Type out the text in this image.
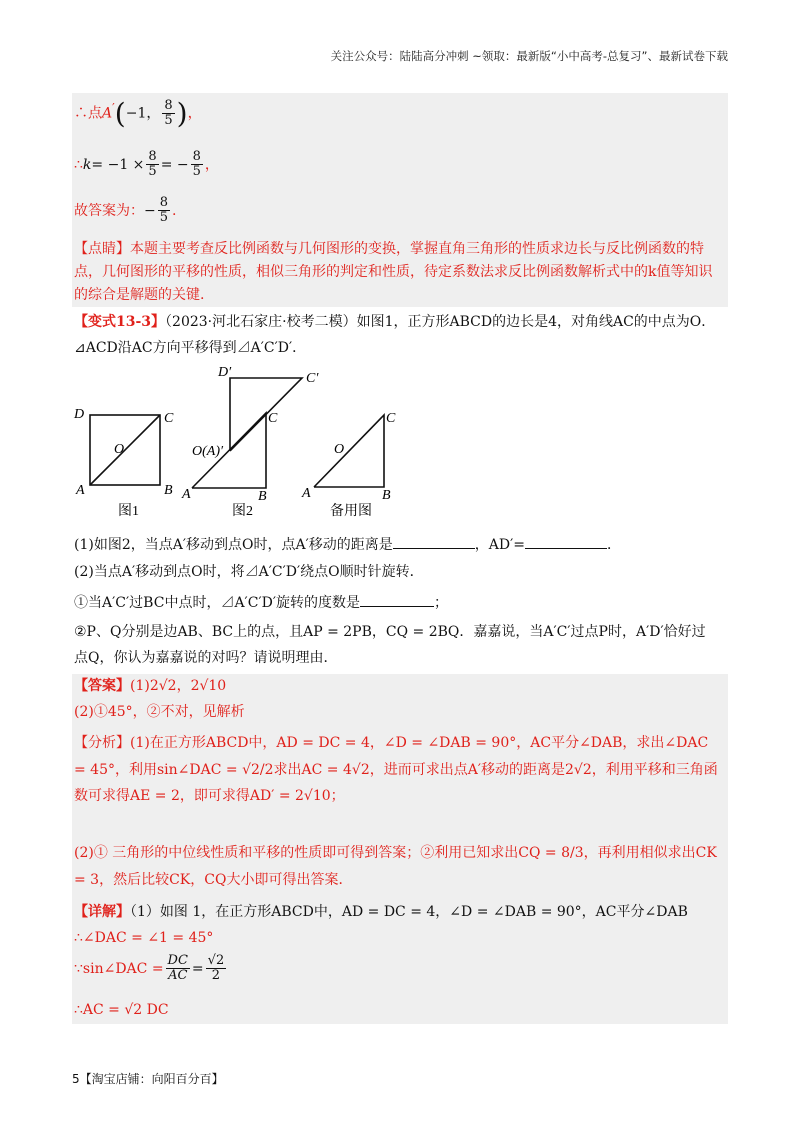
关注公众号：陆陆高分冲刺 ~领取：最新版“小中高考-总复习”、最新试卷下载
∴点A′(−1， $\frac{8}{5}$ )，
∴k= $-1 \times \frac{8}{5}$ = − $\frac{8}{5}$ ，
故答案为：− $\frac{8}{5}$ .
【点睛】本题主要考查反比例函数与几何图形的变换，掌握直角三角形的性质求边长与反比例函数的特点，几何图形的平移的性质，相似三角形的判定和性质，待定系数法求反比例函数解析式中的k值等知识的综合是解题的关键.
【变式13-3】（2023·河北石家庄·校考二模）如图1，正方形ABCD的边长是4，对角线AC的中点为O．
⊿ACD沿AC方向平移得到⊿A′C′D′．
D	C
O
A	B
图1
D′	C′
C
O(A)′
A	B
图2
C
O
A	B
备用图
(1)如图2，当点A′移动到点O时，点A′移动的距离是	，AD′=	．
(2)当点A′移动到点O时，将⊿A′C′D′绕点O顺时针旋转．
①当A′C′过BC中点时，⊿A′C′D′旋转的度数是	；
②P、Q分别是边AB、BC上的点，且AP = 2PB，CQ = 2BQ．嘉嘉说，当A′C′过点P时，A′D′恰好过
点Q，你认为嘉嘉说的对吗？请说明理由．
【答案】(1)2√2，2√10
(2)①45°，②不对，见解析
【分析】(1)在正方形ABCD中，AD = DC = 4，∠D = ∠DAB = 90°，AC平分∠DAB，求出∠DAC = 45°，利用sin∠DAC = √2/2求出AC = 4√2，进而可求出点A′移动的距离是2√2，利用平移和三角函数可求得AE = 2，即可求得AD′ = 2√10；
(2)① 三角形的中位线性质和平移的性质即可得到答案；②利用已知求出CQ = 8/3，再利用相似求出CK = 3，然后比较CK，CQ大小即可得出答案．
【详解】（1）如图 1，在正方形ABCD中，AD = DC = 4，∠D = ∠DAB = 90°，AC平分∠DAB
∴∠DAC = ∠1 = 45°
∵sin∠DAC = $\frac{DC}{AC} = \frac{√2}{2}$
∴AC = √2 DC
5【淘宝店铺：向阳百分百】
